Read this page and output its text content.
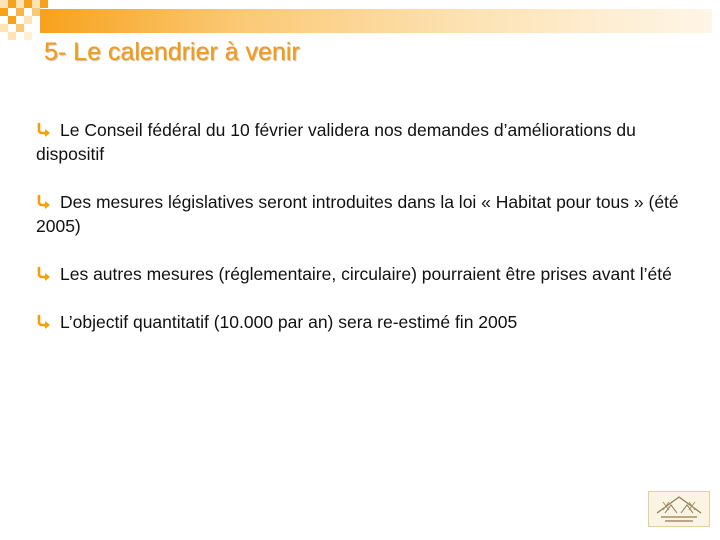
5- Le calendrier à venir
Le Conseil fédéral du 10 février validera nos demandes d’améliorations du dispositif
Des mesures législatives seront introduites dans la loi « Habitat pour tous » (été 2005)
Les autres mesures (réglementaire, circulaire) pourraient être prises avant l’été
L’objectif quantitatif (10.000 par an) sera re-estimé fin 2005
